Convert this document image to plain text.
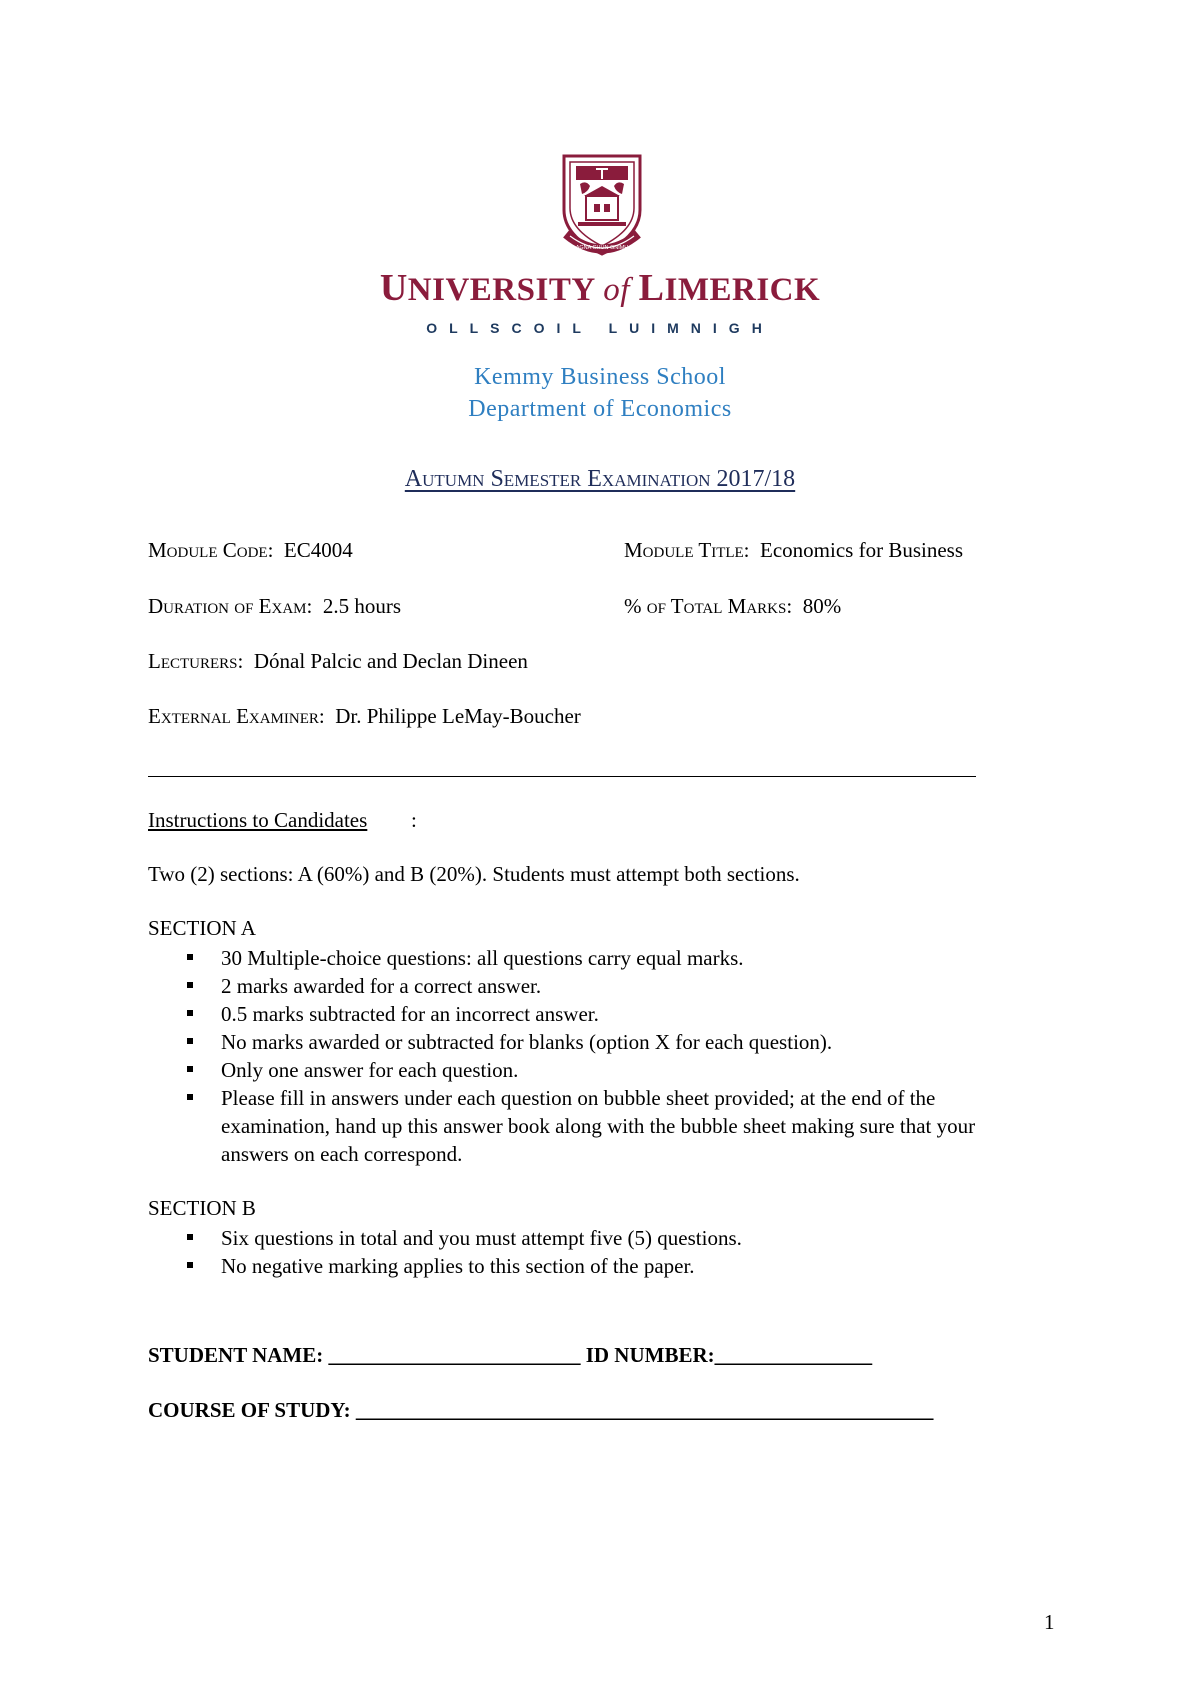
AGNA CHUN GNIMH
UNIVERSITY of LIMERICK
OLLSCOIL LUIMNIGH
Kemmy Business School
Department of Economics
Autumn Semester Examination 2017/18
Module Code: EC4004	Module Title: Economics for Business
Duration of Exam: 2.5 hours	% of Total Marks: 80%
Lecturers: Dónal Palcic and Declan Dineen
External Examiner: Dr. Philippe LeMay-Boucher
Instructions to Candidates :
Two (2) sections: A (60%) and B (20%). Students must attempt both sections.
SECTION A
30 Multiple-choice questions: all questions carry equal marks.
2 marks awarded for a correct answer.
0.5 marks subtracted for an incorrect answer.
No marks awarded or subtracted for blanks (option X for each question).
Only one answer for each question.
Please fill in answers under each question on bubble sheet provided; at the end of the examination, hand up this answer book along with the bubble sheet making sure that your answers on each correspond.
SECTION B
Six questions in total and you must attempt five (5) questions.
No negative marking applies to this section of the paper.
STUDENT NAME: ________________________ ID NUMBER:_______________
COURSE OF STUDY: _______________________________________________________
1
